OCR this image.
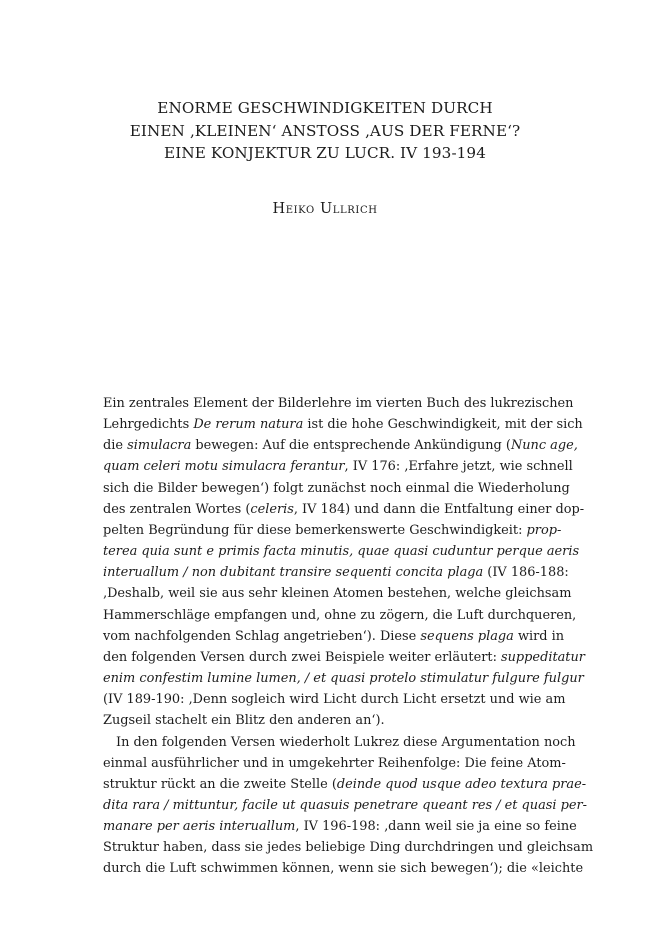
ENORME GESCHWINDIGKEITEN DURCH
EINEN ‚KLEINEN‘ ANSTOSS ‚AUS DER FERNE‘?
EINE KONJEKTUR ZU LUCR. IV 193-194
Heiko Ullrich
Ein zentrales Element der Bilderlehre im vierten Buch des lukrezischen
Lehrgedichts De rerum natura ist die hohe Geschwindigkeit, mit der sich
die simulacra bewegen: Auf die entsprechende Ankündigung (Nunc age,
quam celeri motu simulacra ferantur, IV 176: ‚Erfahre jetzt, wie schnell
sich die Bilder bewegen‘) folgt zunächst noch einmal die Wiederholung
des zentralen Wortes (celeris, IV 184) und dann die Entfaltung einer dop-
pelten Begründung für diese bemerkenswerte Geschwindigkeit: prop-
terea quia sunt e primis facta minutis, quae quasi cuduntur perque aeris
interuallum / non dubitant transire sequenti concita plaga (IV 186-188:
‚Deshalb, weil sie aus sehr kleinen Atomen bestehen, welche gleichsam
Hammerschläge empfangen und, ohne zu zögern, die Luft durchqueren,
vom nachfolgenden Schlag angetrieben‘). Diese sequens plaga wird in
den folgenden Versen durch zwei Beispiele weiter erläutert: suppeditatur
enim confestim lumine lumen, / et quasi protelo stimulatur fulgure fulgur
(IV 189-190: ‚Denn sogleich wird Licht durch Licht ersetzt und wie am
Zugseil stachelt ein Blitz den anderen an‘).
In den folgenden Versen wiederholt Lukrez diese Argumentation noch
einmal ausführlicher und in umgekehrter Reihenfolge: Die feine Atom-
struktur rückt an die zweite Stelle (deinde quod usque adeo textura prae-
dita rara / mittuntur, facile ut quasuis penetrare queant res / et quasi per-
manare per aeris interuallum, IV 196-198: ‚dann weil sie ja eine so feine
Struktur haben, dass sie jedes beliebige Ding durchdringen und gleichsam
durch die Luft schwimmen können, wenn sie sich bewegen‘); die «leichte
